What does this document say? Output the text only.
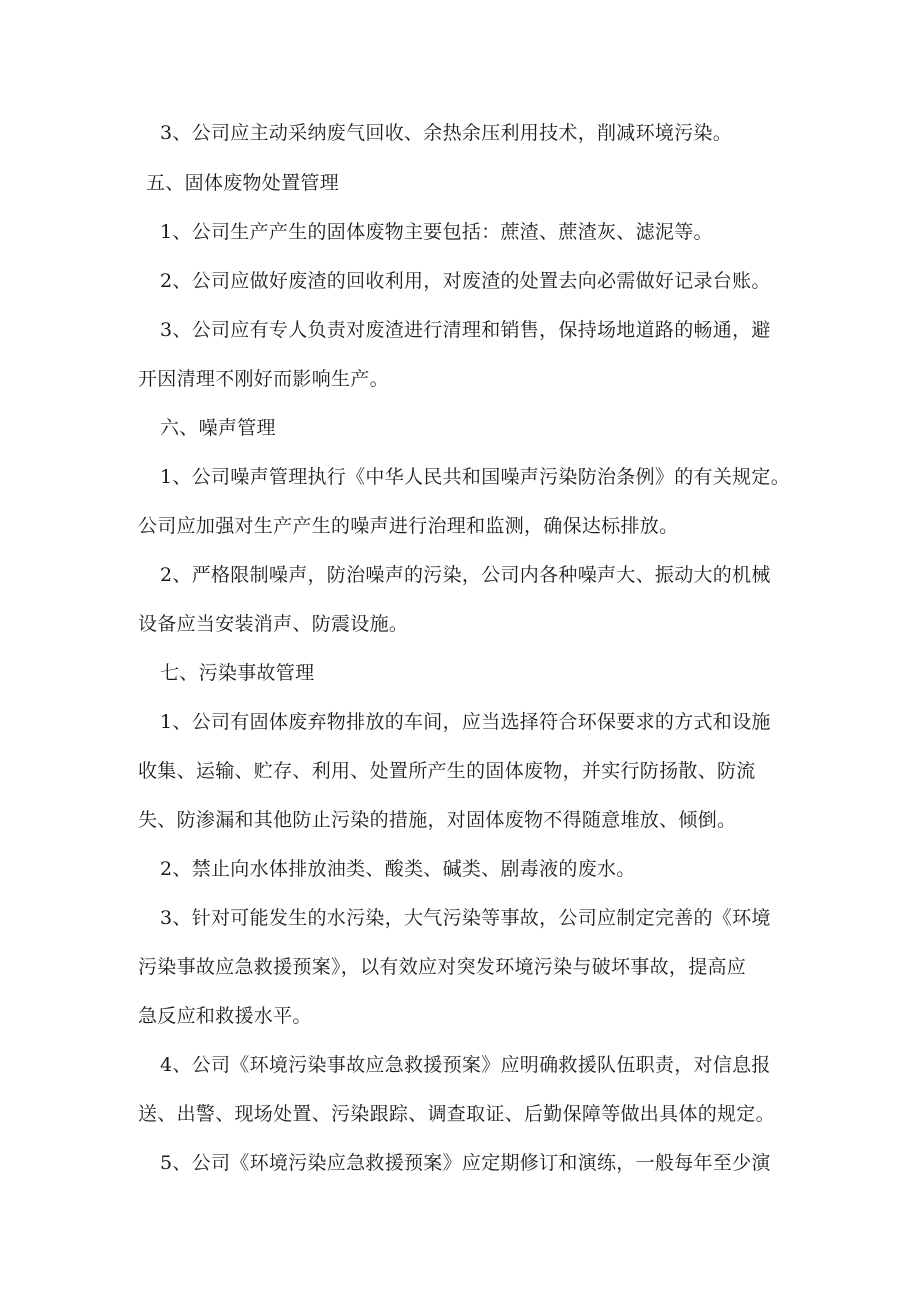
3、公司应主动采纳废气回收、余热余压利用技术，削减环境污染。
五、固体废物处置管理
1、公司生产产生的固体废物主要包括：蔗渣、蔗渣灰、滤泥等。
2、公司应做好废渣的回收利用，对废渣的处置去向必需做好记录台账。
3、公司应有专人负责对废渣进行清理和销售，保持场地道路的畅通，避
开因清理不刚好而影响生产。
六、噪声管理
1、公司噪声管理执行《中华人民共和国噪声污染防治条例》的有关规定。
公司应加强对生产产生的噪声进行治理和监测，确保达标排放。
2、严格限制噪声，防治噪声的污染，公司内各种噪声大、振动大的机械
设备应当安装消声、防震设施。
七、污染事故管理
1、公司有固体废弃物排放的车间，应当选择符合环保要求的方式和设施
收集、运输、贮存、利用、处置所产生的固体废物，并实行防扬散、防流
失、防渗漏和其他防止污染的措施，对固体废物不得随意堆放、倾倒。
2、禁止向水体排放油类、酸类、碱类、剧毒液的废水。
3、针对可能发生的水污染，大气污染等事故，公司应制定完善的《环境
污染事故应急救援预案》，以有效应对突发环境污染与破坏事故，提高应
急反应和救援水平。
4、公司《环境污染事故应急救援预案》应明确救援队伍职责，对信息报
送、出警、现场处置、污染跟踪、调查取证、后勤保障等做出具体的规定。
5、公司《环境污染应急救援预案》应定期修订和演练，一般每年至少演
